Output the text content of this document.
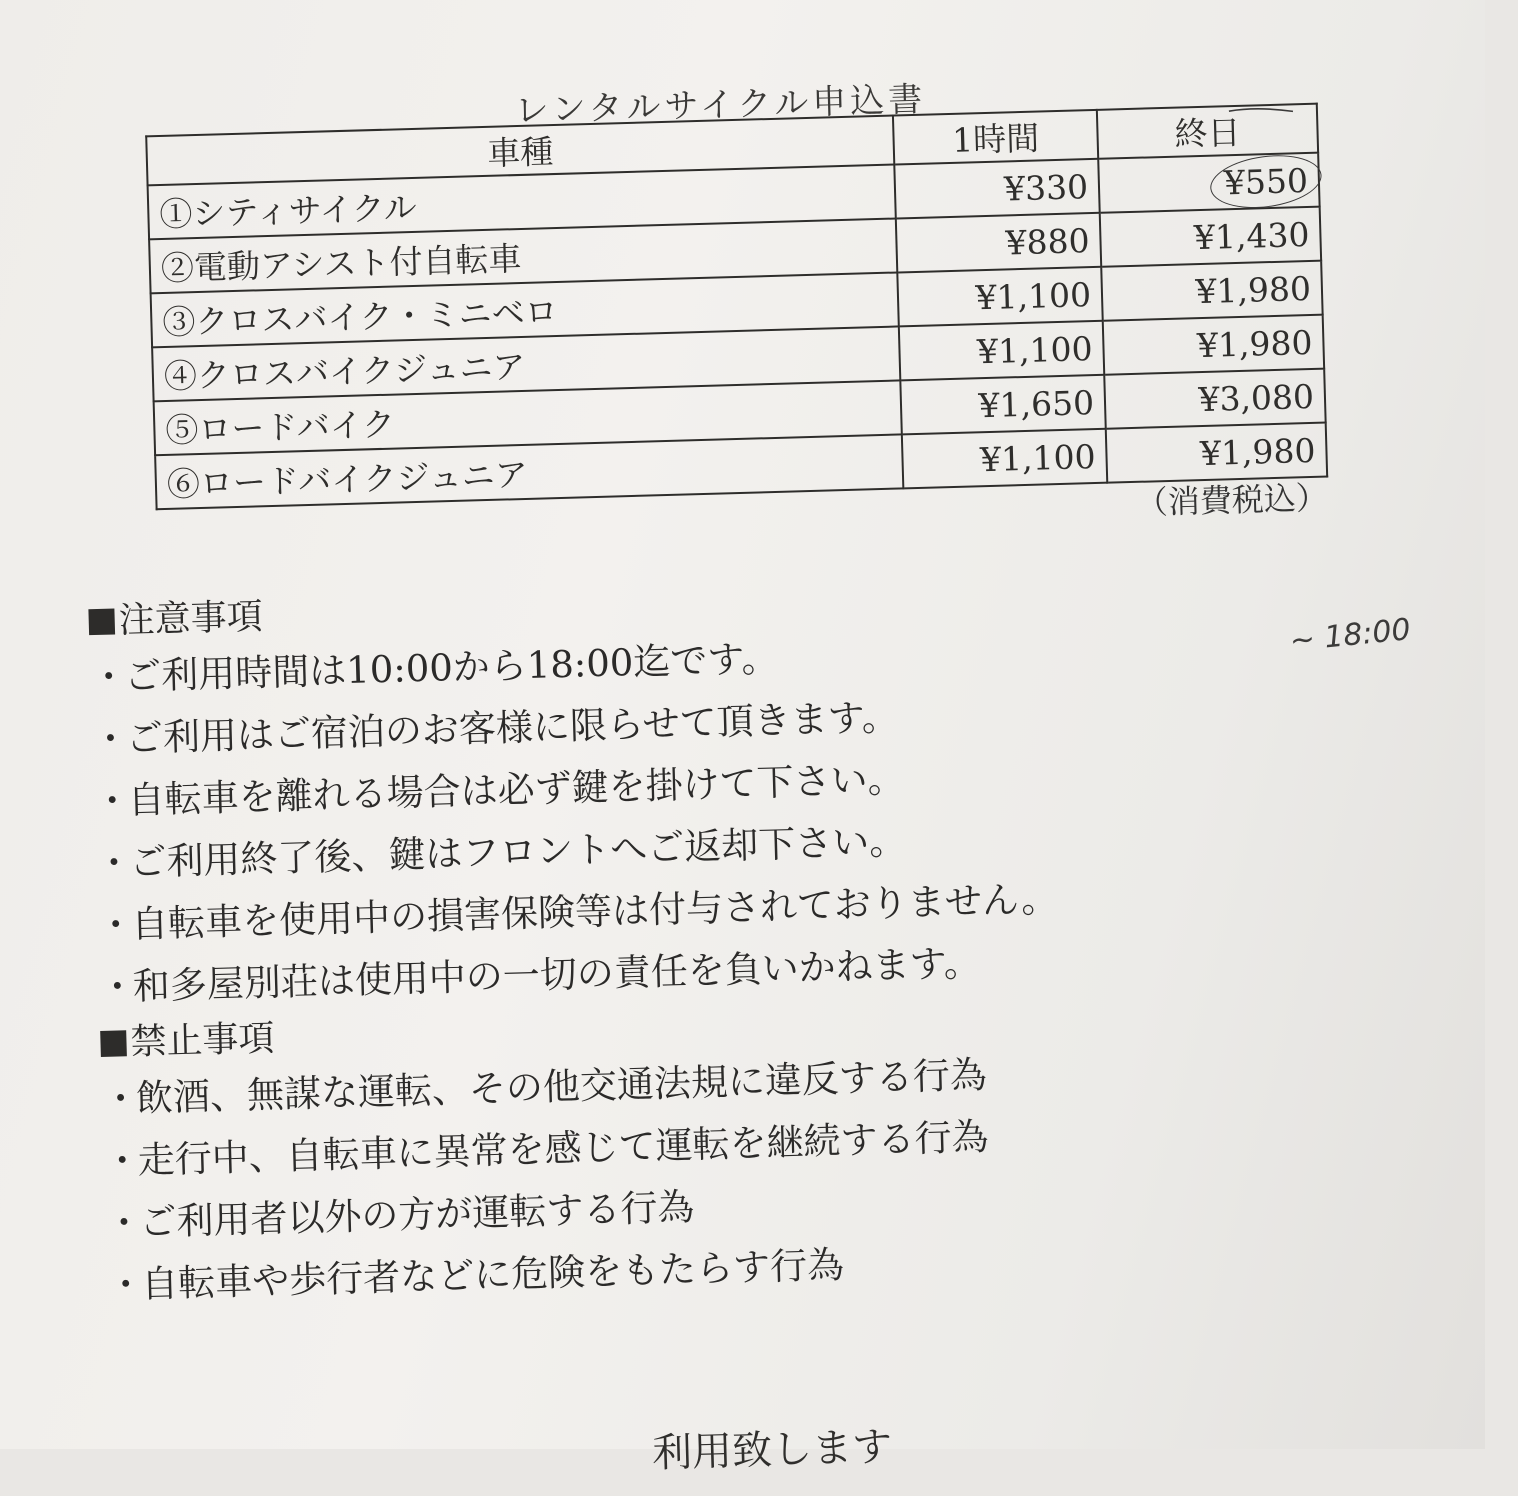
レンタルサイクル申込書
車種	1時間	終日
①シティサイクル	¥330	¥550
②電動アシスト付自転車	¥880	¥1,430
③クロスバイク・ミニベロ	¥1,100	¥1,980
④クロスバイクジュニア	¥1,100	¥1,980
⑤ロードバイク	¥1,650	¥3,080
⑥ロードバイクジュニア	¥1,100	¥1,980
（消費税込）
~ 18:00

注意事項

・ ご利用時間は10:00から18:00迄です。
・ ご利用はご宿泊のお客様に限らせて頂きます。
・ 自転車を離れる場合は必ず鍵を掛けて下さい。
・ ご利用終了後、鍵はフロントへご返却下さい。
・ 自転車を使用中の損害保険等は付与されておりません。
・ 和多屋別荘は使用中の一切の責任を負いかねます。

禁止事項

・ 飲酒、無謀な運転、その他交通法規に違反する行為
・ 走行中、自転車に異常を感じて運転を継続する行為
・ ご利用者以外の方が運転する行為
・ 自転車や歩行者などに危険をもたらす行為
利用致します
